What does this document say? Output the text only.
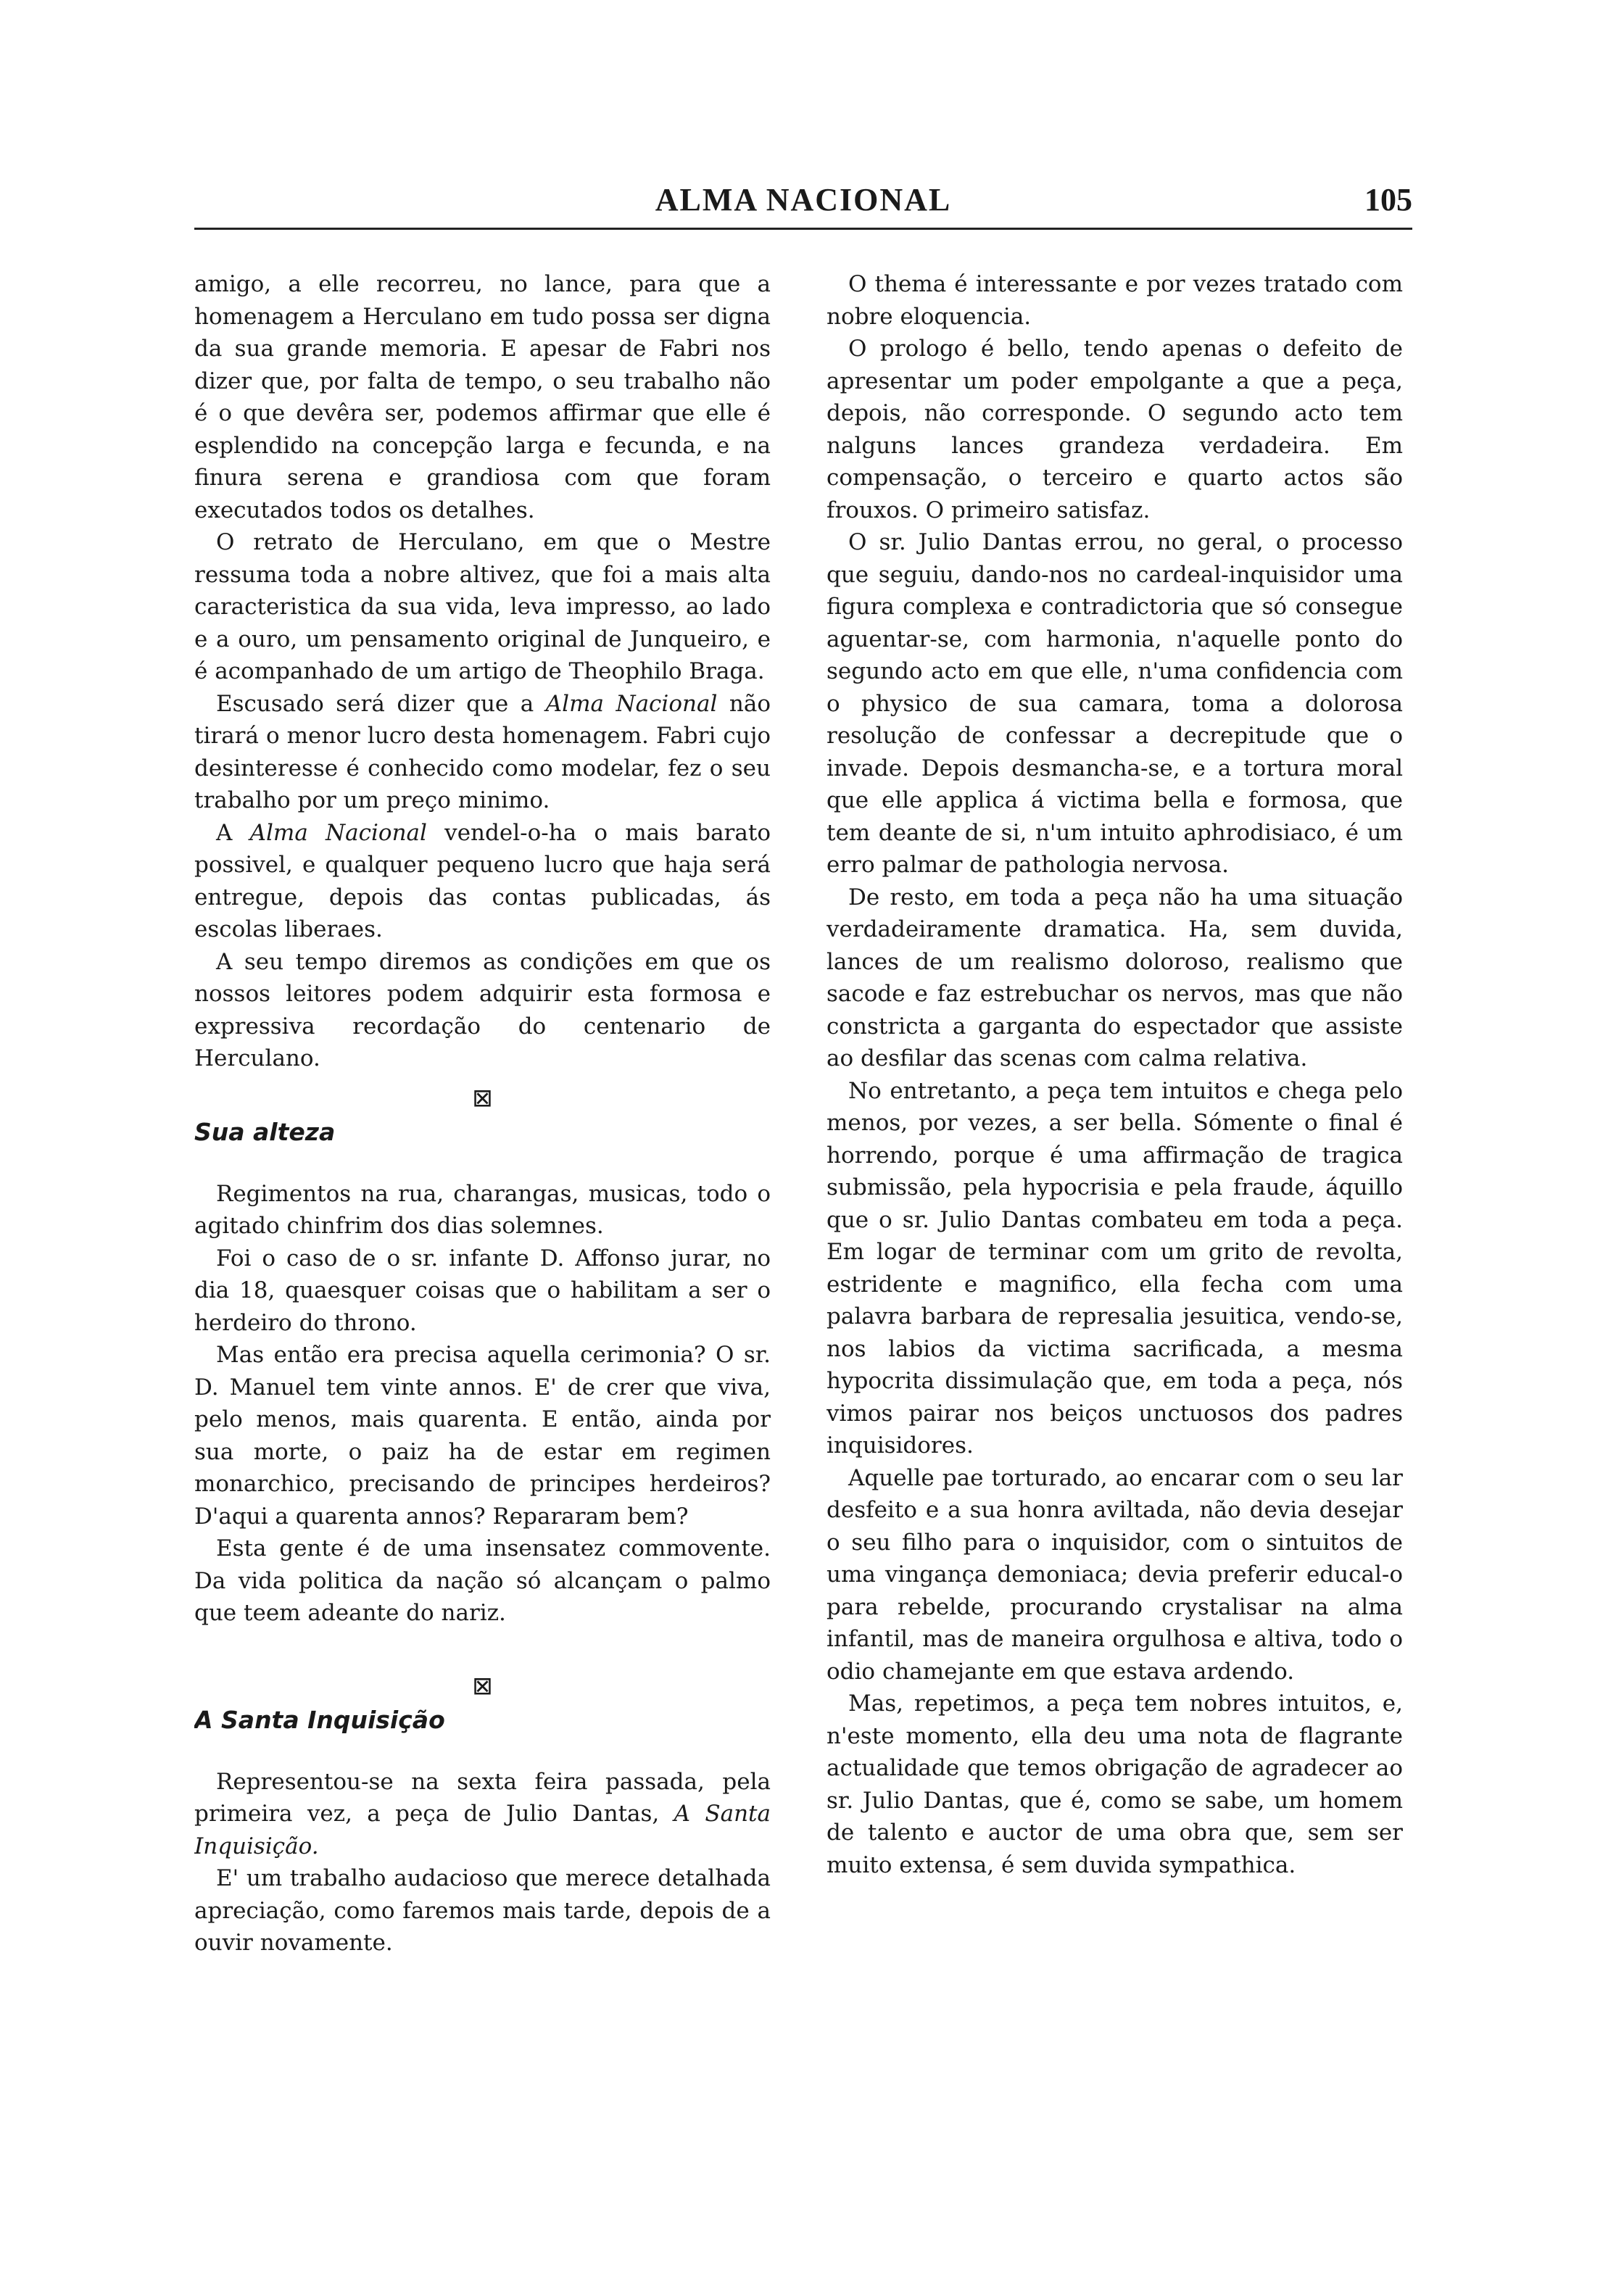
ALMA NACIONAL	105

amigo, a elle recorreu, no lance, para que a homenagem a Herculano em tudo possa ser digna da sua grande memoria. E apesar de Fabri nos dizer que, por falta de tempo, o seu trabalho não é o que devêra ser, podemos affirmar que elle é esplendido na concepção larga e fecunda, e na finura serena e grandiosa com que foram executados todos os detalhes.

O retrato de Herculano, em que o Mestre ressuma toda a nobre altivez, que foi a mais alta caracteristica da sua vida, leva impresso, ao lado e a ouro, um pensamento original de Junqueiro, e é acompanhado de um artigo de Theophilo Braga.

Escusado será dizer que a Alma Nacional não tirará o menor lucro desta homenagem. Fabri cujo desinteresse é conhecido como modelar, fez o seu trabalho por um preço minimo.

A Alma Nacional vendel-o-ha o mais barato possivel, e qualquer pequeno lucro que haja será entregue, depois das contas publicadas, ás escolas liberaes.

A seu tempo diremos as condições em que os nossos leitores podem adquirir esta formosa e expressiva recordação do centenario de Herculano.

⊠
Sua alteza

Regimentos na rua, charangas, musicas, todo o agitado chinfrim dos dias solemnes.

Foi o caso de o sr. infante D. Affonso jurar, no dia 18, quaesquer coisas que o habilitam a ser o herdeiro do throno.

Mas então era precisa aquella cerimonia? O sr. D. Manuel tem vinte annos. E' de crer que viva, pelo menos, mais quarenta. E então, ainda por sua morte, o paiz ha de estar em regimen monarchico, precisando de principes herdeiros? D'aqui a quarenta annos? Repararam bem?

Esta gente é de uma insensatez commovente. Da vida politica da nação só alcançam o palmo que teem adeante do nariz.

⊠
A Santa Inquisição

Representou-se na sexta feira passada, pela primeira vez, a peça de Julio Dantas, A Santa Inquisição.

E' um trabalho audacioso que merece detalhada apreciação, como faremos mais tarde, depois de a ouvir novamente.

O thema é interessante e por vezes tratado com nobre eloquencia.

O prologo é bello, tendo apenas o defeito de apresentar um poder empolgante a que a peça, depois, não corresponde. O segundo acto tem nalguns lances grandeza verdadeira. Em compensação, o terceiro e quarto actos são frouxos. O primeiro satisfaz.

O sr. Julio Dantas errou, no geral, o processo que seguiu, dando-nos no cardeal-inquisidor uma figura complexa e contradictoria que só consegue aguentar-se, com harmonia, n'aquelle ponto do segundo acto em que elle, n'uma confidencia com o physico de sua camara, toma a dolorosa resolução de confessar a decrepitude que o invade. Depois desmancha-se, e a tortura moral que elle applica á victima bella e formosa, que tem deante de si, n'um intuito aphrodisiaco, é um erro palmar de pathologia nervosa.

De resto, em toda a peça não ha uma situação verdadeiramente dramatica. Ha, sem duvida, lances de um realismo doloroso, realismo que sacode e faz estrebuchar os nervos, mas que não constricta a garganta do espectador que assiste ao desfilar das scenas com calma relativa.

No entretanto, a peça tem intuitos e chega pelo menos, por vezes, a ser bella. Sómente o final é horrendo, porque é uma affirmação de tragica submissão, pela hypocrisia e pela fraude, áquillo que o sr. Julio Dantas combateu em toda a peça. Em logar de terminar com um grito de revolta, estridente e magnifico, ella fecha com uma palavra barbara de represalia jesuitica, vendo-se, nos labios da victima sacrificada, a mesma hypocrita dissimulação que, em toda a peça, nós vimos pairar nos beiços unctuosos dos padres inquisidores.

Aquelle pae torturado, ao encarar com o seu lar desfeito e a sua honra aviltada, não devia desejar o seu filho para o inquisidor, com o sintuitos de uma vingança demoniaca; devia preferir educal-o para rebelde, procurando crystalisar na alma infantil, mas de maneira orgulhosa e altiva, todo o odio chamejante em que estava ardendo.

Mas, repetimos, a peça tem nobres intuitos, e, n'este momento, ella deu uma nota de flagrante actualidade que temos obrigação de agradecer ao sr. Julio Dantas, que é, como se sabe, um homem de talento e auctor de uma obra que, sem ser muito extensa, é sem duvida sympathica.
